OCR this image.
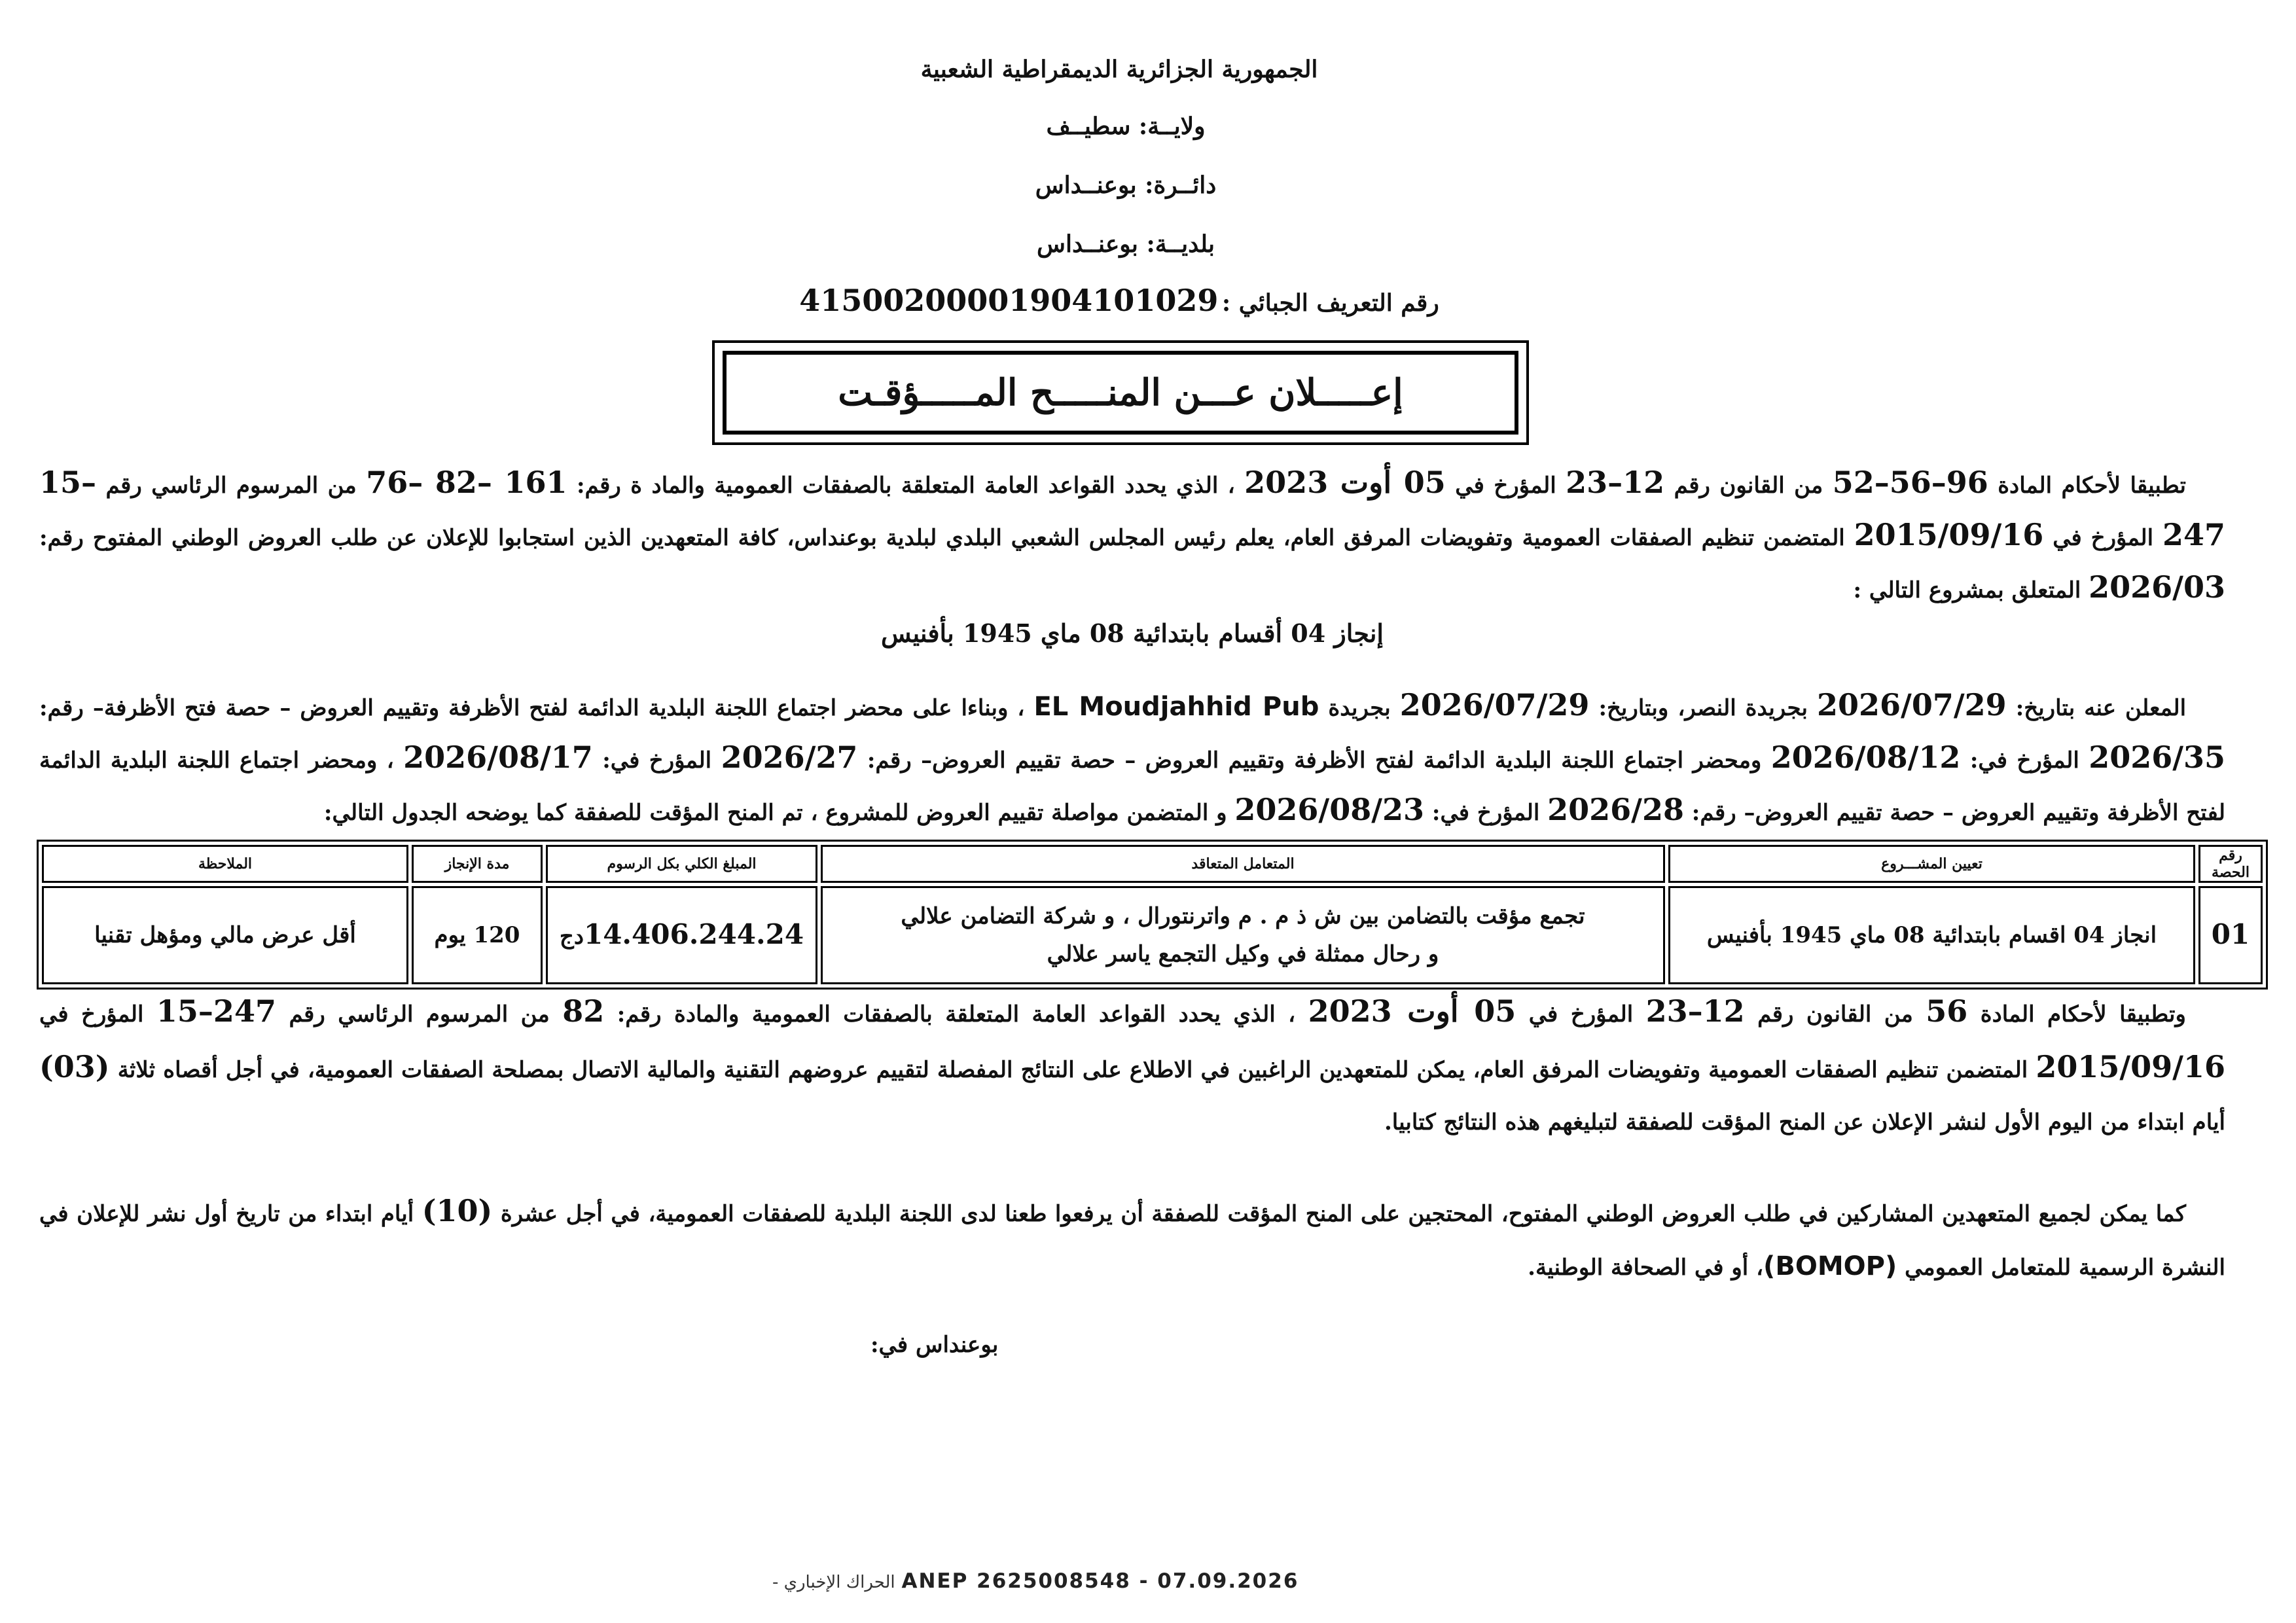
الجمهورية الجزائرية الديمقراطية الشعبية
ولايــة: سطيــف
دائــرة: بوعنــداس
بلديــة: بوعنــداس
رقم التعريف الجبائي : 41500200001904101029
إعـــــلان عـــن المنـــــح المـــــؤقـت
تطبيقا لأحكام المادة 52–56–96 من القانون رقم 23–12 المؤرخ في 05 أوت 2023 ، الذي يحدد القواعد العامة المتعلقة بالصفقات العمومية والماد ة رقم: 76– 82– 161 من المرسوم الرئاسي رقم 15–247 المؤرخ في 2015/09/16 المتضمن تنظيم الصفقات العمومية وتفويضات المرفق العام، يعلم رئيس المجلس الشعبي البلدي لبلدية بوعنداس، كافة المتعهدين الذين استجابوا للإعلان عن طلب العروض الوطني المفتوح رقم: 2026/03 المتعلق بمشروع التالي :
إنجاز 04 أقسام بابتدائية 08 ماي 1945 بأفنيس
المعلن عنه بتاريخ: 2026/07/29 بجريدة النصر، وبتاريخ: 2026/07/29 بجريدة EL Moudjahhid Pub ، وبناءا على محضر اجتماع اللجنة البلدية الدائمة لفتح الأظرفة وتقييم العروض – حصة فتح الأظرفة– رقم: 2026/35 المؤرخ في: 2026/08/12 ومحضر اجتماع اللجنة البلدية الدائمة لفتح الأظرفة وتقييم العروض – حصة تقييم العروض– رقم: 2026/27 المؤرخ في: 2026/08/17 ، ومحضر اجتماع اللجنة البلدية الدائمة لفتح الأظرفة وتقييم العروض – حصة تقييم العروض– رقم: 2026/28 المؤرخ في: 2026/08/23 و المتضمن مواصلة تقييم العروض للمشروع ، تم المنح المؤقت للصفقة كما يوضحه الجدول التالي:
رقم الحصة	تعيين المشـــروع	المتعامل المتعاقد	المبلغ الكلي بكل الرسوم	مدة الإنجاز	الملاحظة
01	انجاز 04 اقسام بابتدائية 08 ماي 1945 بأفنيس	تجمع مؤقت بالتضامن بين ش ذ م . م واترنتورال ، و شركة التضامن علالي
و رحال ممثلة في وكيل التجمع ياسر علالي	14.406.244.24دج	120 يوم	أقل عرض مالي ومؤهل تقنيا
وتطبيقا لأحكام المادة 56 من القانون رقم 23–12 المؤرخ في 05 أوت 2023 ، الذي يحدد القواعد العامة المتعلقة بالصفقات العمومية والمادة رقم: 82 من المرسوم الرئاسي رقم 15–247 المؤرخ في 2015/09/16 المتضمن تنظيم الصفقات العمومية وتفويضات المرفق العام، يمكن للمتعهدين الراغبين في الاطلاع على النتائج المفصلة لتقييم عروضهم التقنية والمالية الاتصال بمصلحة الصفقات العمومية، في أجل أقصاه ثلاثة (03) أيام ابتداء من اليوم الأول لنشر الإعلان عن المنح المؤقت للصفقة لتبليغهم هذه النتائج كتابيا.
كما يمكن لجميع المتعهدين المشاركين في طلب العروض الوطني المفتوح، المحتجين على المنح المؤقت للصفقة أن يرفعوا طعنا لدى اللجنة البلدية للصفقات العمومية، في أجل عشرة (10) أيام ابتداء من تاريخ أول نشر للإعلان في النشرة الرسمية للمتعامل العمومي (BOMOP)، أو في الصحافة الوطنية.
بوعنداس في:
الحراك الإخباري - ANEP 2625008548 - 07.09.2026
